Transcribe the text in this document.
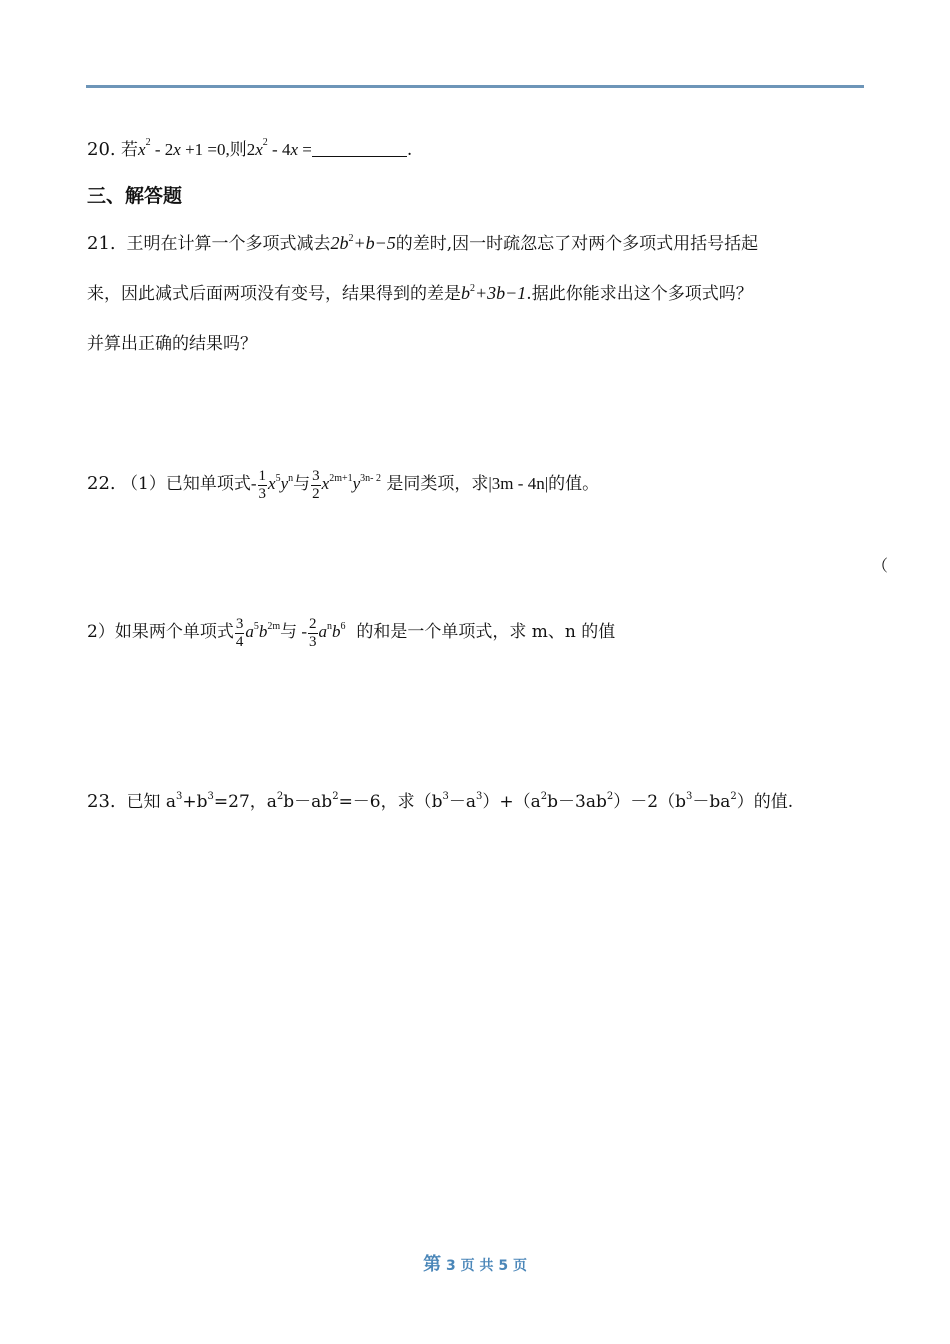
20. 若$x^2 - 2x +1 =0$,则$2x^2 - 4x$ =	.
三、解答题
21. 王明在计算一个多项式减去$2b^2+b-5$的差时,因一时疏忽忘了对两个多项式用括号括起
来，因此减式后面两项没有变号，结果得到的差是$b^2+3b-1$.据此你能求出这个多项式吗？
并算出正确的结果吗？
22. （1）已知单项式- $\frac{1}{3} x^5y^n$与 $\frac{3}{2} x^{2m+1}y^{3n- 2}$ 是同类项，求|3m - 4n|的值。
（
2）如果两个单项式 $\frac{3}{4} a^5b^{2m}$与 - $\frac{2}{3} a^nb^6$ 的和是一个单项式，求 m、n 的值
23. 已知 $a^3+b^3=27$，$a^2b-ab^2=-6$，求$(b^3-a^3)+(a^2b-3ab^2)-2(b^3-ba^2)$的值.
第 3 页 共 5 页
